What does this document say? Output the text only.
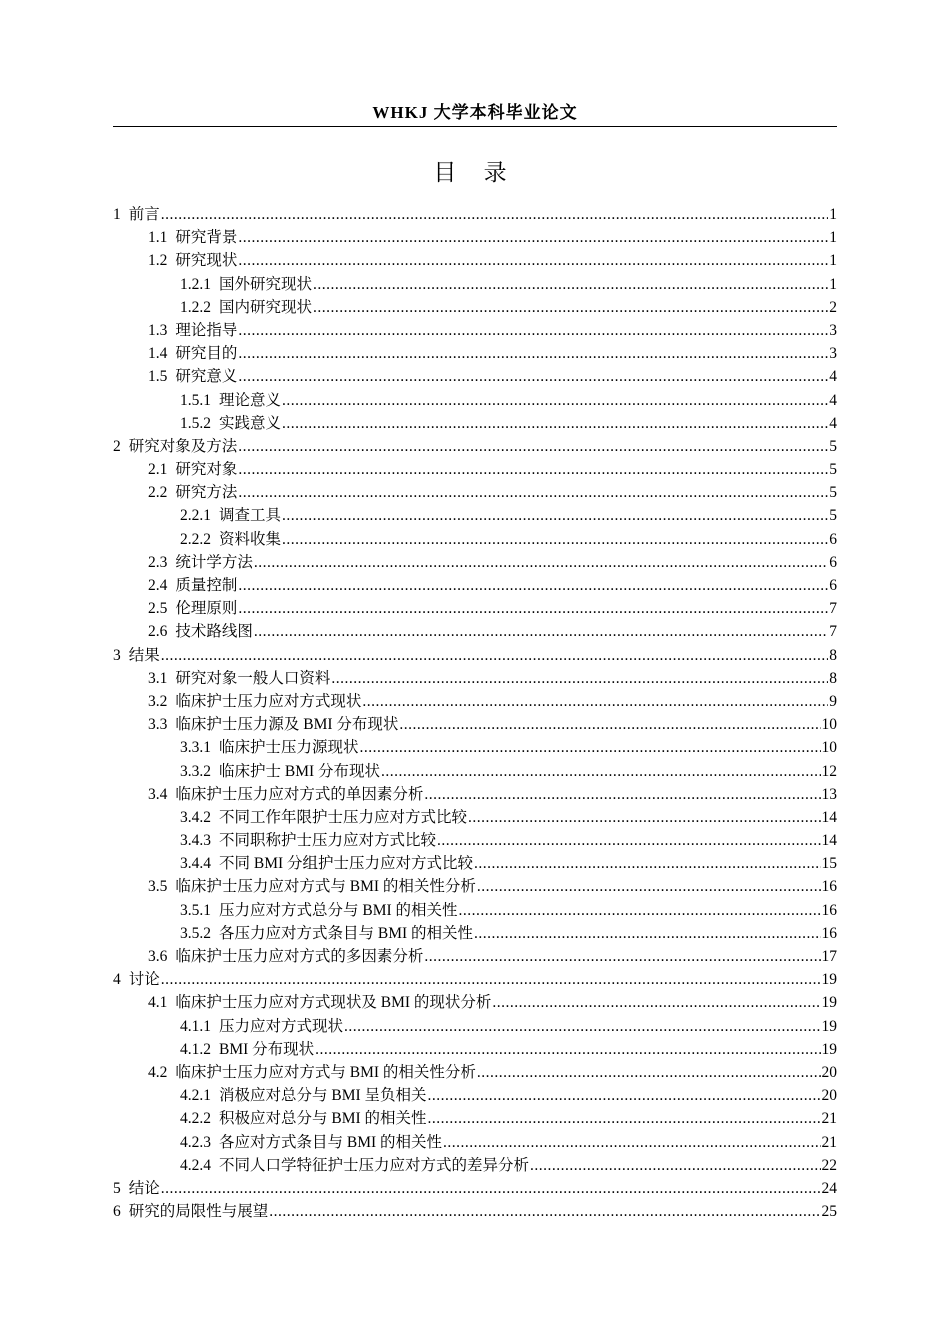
WHKJ 大学本科毕业论文
目 录
1 前言 .....	1
1.1 研究背景 .....	1
1.2 研究现状 .....	1
1.2.1 国外研究现状 .....	1
1.2.2 国内研究现状 .....	2
1.3 理论指导 .....	3
1.4 研究目的 .....	3
1.5 研究意义 .....	4
1.5.1 理论意义 .....	4
1.5.2 实践意义 .....	4
2 研究对象及方法 .....	5
2.1 研究对象 .....	5
2.2 研究方法 .....	5
2.2.1 调查工具 .....	5
2.2.2 资料收集 .....	6
2.3 统计学方法 .....	6
2.4 质量控制 .....	6
2.5 伦理原则 .....	7
2.6 技术路线图 .....	7
3 结果 .....	8
3.1 研究对象一般人口资料 .....	8
3.2 临床护士压力应对方式现状 .....	9
3.3 临床护士压力源及 BMI 分布现状 .....	10
3.3.1 临床护士压力源现状 .....	10
3.3.2 临床护士 BMI 分布现状 .....	12
3.4 临床护士压力应对方式的单因素分析 .....	13
3.4.2 不同工作年限护士压力应对方式比较 .....	14
3.4.3 不同职称护士压力应对方式比较 .....	14
3.4.4 不同 BMI 分组护士压力应对方式比较 .....	15
3.5 临床护士压力应对方式与 BMI 的相关性分析 .....	16
3.5.1 压力应对方式总分与 BMI 的相关性 .....	16
3.5.2 各压力应对方式条目与 BMI 的相关性 .....	16
3.6 临床护士压力应对方式的多因素分析 .....	17
4 讨论 .....	19
4.1 临床护士压力应对方式现状及 BMI 的现状分析 .....	19
4.1.1 压力应对方式现状 .....	19
4.1.2 BMI 分布现状 .....	19
4.2 临床护士压力应对方式与 BMI 的相关性分析 .....	20
4.2.1 消极应对总分与 BMI 呈负相关 .....	20
4.2.2 积极应对总分与 BMI 的相关性 .....	21
4.2.3 各应对方式条目与 BMI 的相关性 .....	21
4.2.4 不同人口学特征护士压力应对方式的差异分析 .....	22
5 结论 .....	24
6 研究的局限性与展望 .....	25
